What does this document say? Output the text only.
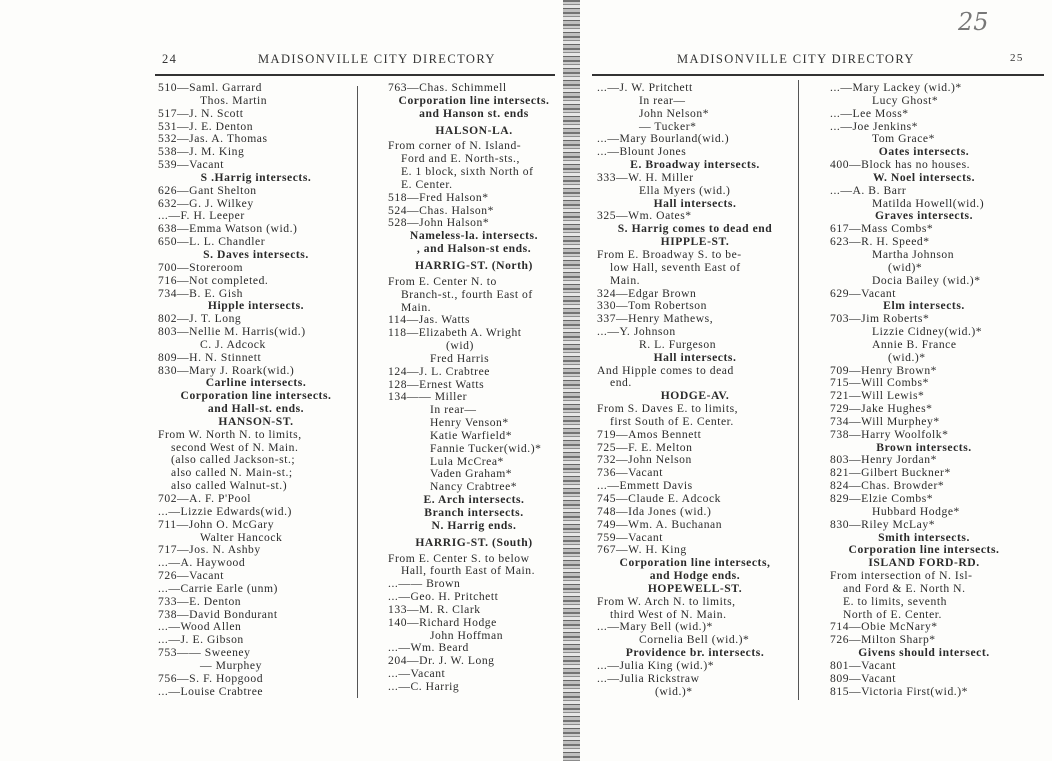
24	MADISONVILLE CITY DIRECTORY
510—Saml. Garrard
Thos. Martin
517—J. N. Scott
531—J. E. Denton
532—Jas. A. Thomas
538—J. M. King
539—Vacant
S .Harrig intersects.
626—Gant Shelton
632—G. J. Wilkey
...—F. H. Leeper
638—Emma Watson (wid.)
650—L. L. Chandler
S. Daves intersects.
700—Storeroom
716—Not completed.
734—B. E. Gish
Hipple intersects.
802—J. T. Long
803—Nellie M. Harris(wid.)
C. J. Adcock
809—H. N. Stinnett
830—Mary J. Roark(wid.)
Carline intersects.
Corporation line intersects.
and Hall-st. ends.
HANSON-ST.
From W. North N. to limits,
second West of N. Main.
(also called Jackson-st.;
also called N. Main-st.;
also called Walnut-st.)
702—A. F. P'Pool
...—Lizzie Edwards(wid.)
711—John O. McGary
Walter Hancock
717—Jos. N. Ashby
...—A. Haywood
726—Vacant
...—Carrie Earle (unm)
733—E. Denton
738—David Bondurant
...—Wood Allen
...—J. E. Gibson
753—— Sweeney
— Murphey
756—S. F. Hopgood
...—Louise Crabtree
763—Chas. Schimmell
Corporation line intersects.
and Hanson st. ends
HALSON-LA.
From corner of N. Island-
Ford and E. North-sts.,
E. 1 block, sixth North of
E. Center.
518—Fred Halson*
524—Chas. Halson*
528—John Halson*
Nameless-la. intersects.
, and Halson-st ends.
HARRIG-ST. (North)
From E. Center N. to
Branch-st., fourth East of
Main.
114—Jas. Watts
118—Elizabeth A. Wright
(wid)
Fred Harris
124—J. L. Crabtree
128—Ernest Watts
134—— Miller
In rear—
Henry Venson*
Katie Warfield*
Fannie Tucker(wid.)*
Lula McCrea*
Vaden Graham*
Nancy Crabtree*
E. Arch intersects.
Branch intersects.
N. Harrig ends.
HARRIG-ST. (South)
From E. Center S. to below
Hall, fourth East of Main.
...—— Brown
...—Geo. H. Pritchett
133—M. R. Clark
140—Richard Hodge
John Hoffman
...—Wm. Beard
204—Dr. J. W. Long
...—Vacant
...—C. Harrig
25
MADISONVILLE CITY DIRECTORY	25
...—J. W. Pritchett
In rear—
John Nelson*
— Tucker*
...—Mary Bourland(wid.)
...—Blount Jones
E. Broadway intersects.
333—W. H. Miller
Ella Myers (wid.)
Hall intersects.
325—Wm. Oates*
S. Harrig comes to dead end
HIPPLE-ST.
From E. Broadway S. to be-
low Hall, seventh East of
Main.
324—Edgar Brown
330—Tom Robertson
337—Henry Mathews,
...—Y. Johnson
R. L. Furgeson
Hall intersects.
And Hipple comes to dead
end.
HODGE-AV.
From S. Daves E. to limits,
first South of E. Center.
719—Amos Bennett
725—F. E. Melton
732—John Nelson
736—Vacant
...—Emmett Davis
745—Claude E. Adcock
748—Ida Jones (wid.)
749—Wm. A. Buchanan
759—Vacant
767—W. H. King
Corporation line intersects,
and Hodge ends.
HOPEWELL-ST.
From W. Arch N. to limits,
third West of N. Main.
...—Mary Bell (wid.)*
Cornelia Bell (wid.)*
Providence br. intersects.
...—Julia King (wid.)*
...—Julia Rickstraw
(wid.)*
...—Mary Lackey (wid.)*
Lucy Ghost*
...—Lee Moss*
...—Joe Jenkins*
Tom Grace*
Oates intersects.
400—Block has no houses.
W. Noel intersects.
...—A. B. Barr
Matilda Howell(wid.)
Graves intersects.
617—Mass Combs*
623—R. H. Speed*
Martha Johnson
(wid)*
Docia Bailey (wid.)*
629—Vacant
Elm intersects.
703—Jim Roberts*
Lizzie Cidney(wid.)*
Annie B. France
(wid.)*
709—Henry Brown*
715—Will Combs*
721—Will Lewis*
729—Jake Hughes*
734—Will Murphey*
738—Harry Woolfolk*
Brown intersects.
803—Henry Jordan*
821—Gilbert Buckner*
824—Chas. Browder*
829—Elzie Combs*
Hubbard Hodge*
830—Riley McLay*
Smith intersects.
Corporation line intersects.
ISLAND FORD-RD.
From intersection of N. Isl-
and Ford & E. North N.
E. to limits, seventh
North of E. Center.
714—Obie McNary*
726—Milton Sharp*
Givens should intersect.
801—Vacant
809—Vacant
815—Victoria First(wid.)*
